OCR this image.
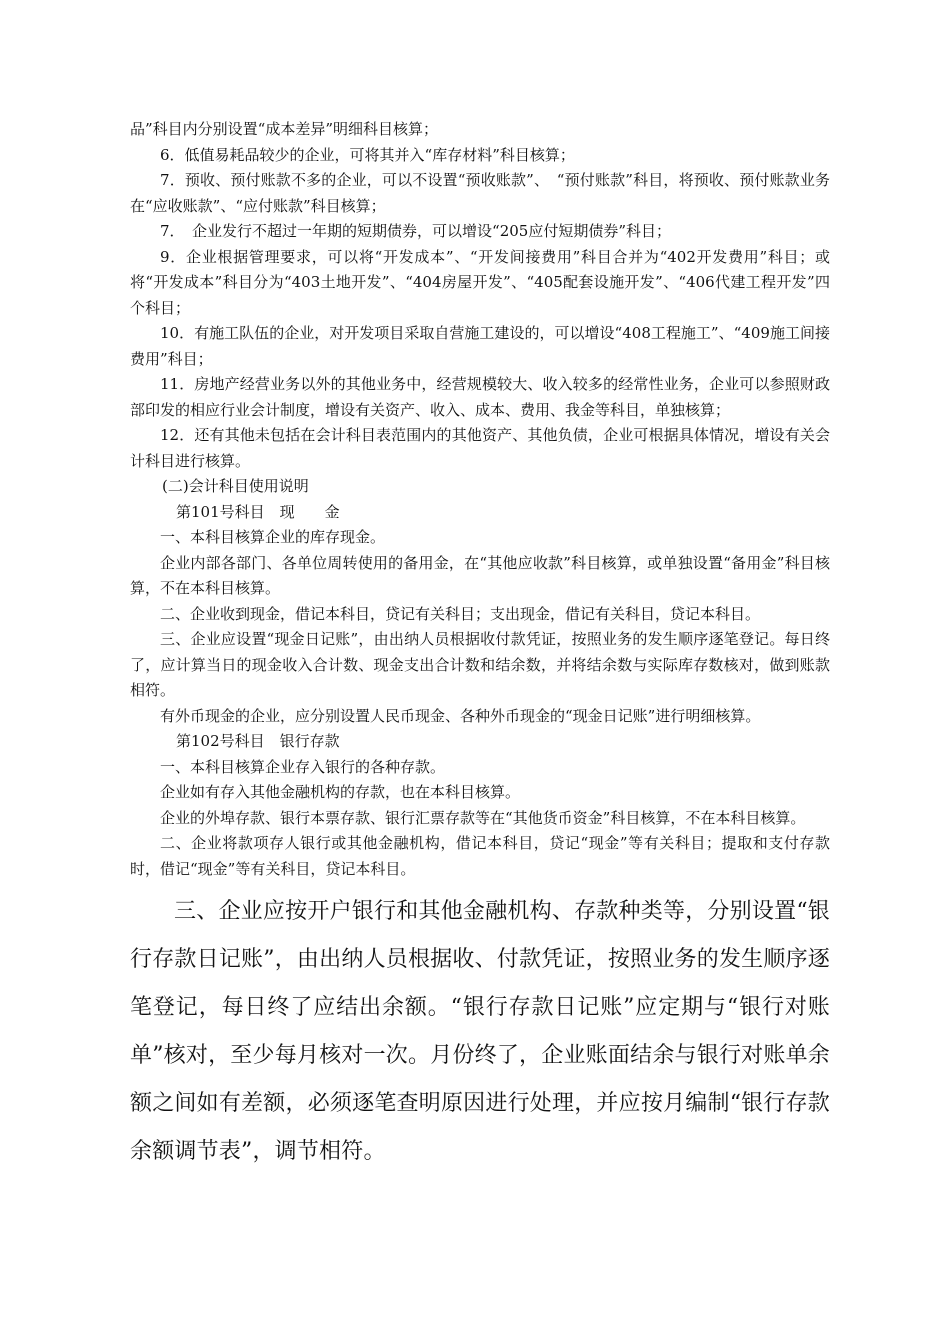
品”科目内分别设置“成本差异”明细科目核算；

6．低值易耗品较少的企业，可将其并入“库存材料”科目核算；

7．预收、预付账款不多的企业，可以不设置“预收账款”、　“预付账款”科目，将预收、预付账款业务在“应收账款”、“应付账款”科目核算；

7．　企业发行不超过一年期的短期债券，可以增设“205应付短期债券”科目；

9．企业根据管理要求，可以将“开发成本”、“开发间接费用”科目合并为“402开发费用”科目；或将“开发成本”科目分为“403土地开发”、“404房屋开发”、“405配套设施开发”、“406代建工程开发”四个科目；

10．有施工队伍的企业，对开发项目采取自营施工建设的，可以增设“408工程施工”、“409施工间接费用”科目；

11．房地产经营业务以外的其他业务中，经营规模较大、收入较多的经常性业务，企业可以参照财政部印发的相应行业会计制度，增设有关资产、收入、成本、费用、我金等科目，单独核算；

12．还有其他未包括在会计科目表范围内的其他资产、其他负债，企业可根据具体情况，增设有关会计科目进行核算。

(二)会计科目使用说明

第101号科目　现　　金

一、本科目核算企业的库存现金。

企业内部各部门、各单位周转使用的备用金，在“其他应收款”科目核算，或单独设置“备用金”科目核算，不在本科目核算。

二、企业收到现金，借记本科目，贷记有关科目；支出现金，借记有关科目，贷记本科目。

三、企业应设置“现金日记账”，由出纳人员根据收付款凭证，按照业务的发生顺序逐笔登记。每日终了，应计算当日的现金收入合计数、现金支出合计数和结余数，并将结余数与实际库存数核对，做到账款相符。

有外币现金的企业，应分别设置人民币现金、各种外币现金的“现金日记账”进行明细核算。

第102号科目　银行存款

一、本科目核算企业存入银行的各种存款。

企业如有存入其他金融机构的存款，也在本科目核算。

企业的外埠存款、银行本票存款、银行汇票存款等在“其他货币资金”科目核算，不在本科目核算。

二、企业将款项存人银行或其他金融机构，借记本科目，贷记“现金”等有关科目；提取和支付存款时，借记“现金”等有关科目，贷记本科目。

三、企业应按开户银行和其他金融机构、存款种类等，分别设置“银行存款日记账”，由出纳人员根据收、付款凭证，按照业务的发生顺序逐笔登记，每日终了应结出余额。“银行存款日记账”应定期与“银行对账单”核对，至少每月核对一次。月份终了，企业账面结余与银行对账单余额之间如有差额，必须逐笔查明原因进行处理，并应按月编制“银行存款余额调节表”，调节相符。
